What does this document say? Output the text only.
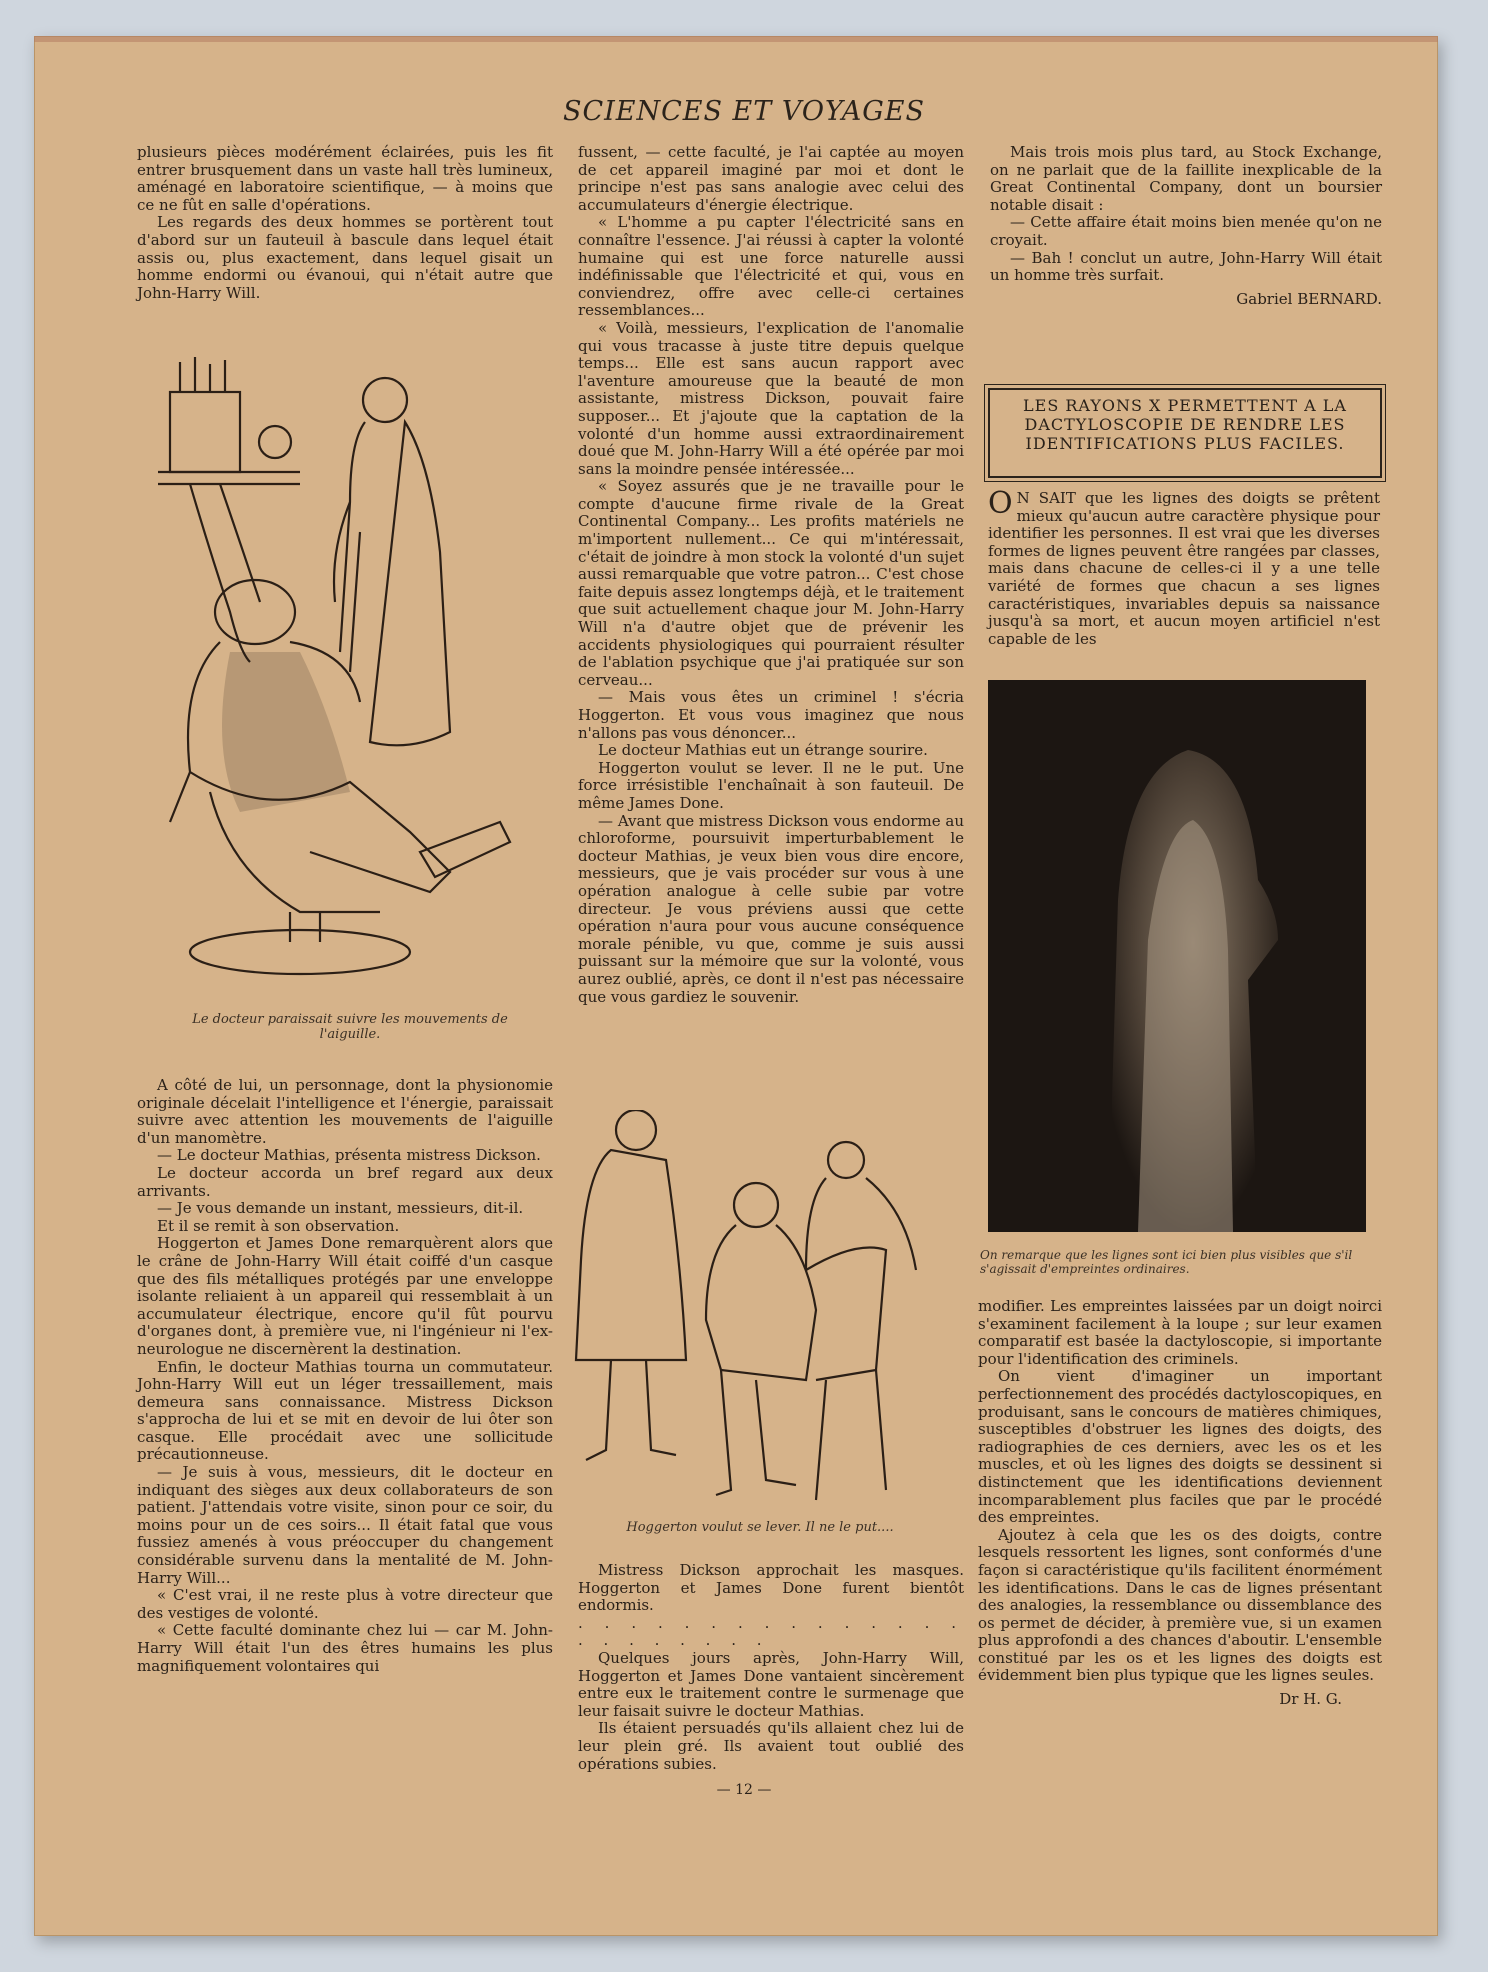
SCIENCES ET VOYAGES

plusieurs pièces modérément éclairées, puis les fit entrer brusquement dans un vaste hall très lumineux, aménagé en laboratoire scientifique, — à moins que ce ne fût en salle d'opérations.

Les regards des deux hommes se portèrent tout d'abord sur un fauteuil à bascule dans lequel était assis ou, plus exactement, dans lequel gisait un homme endormi ou évanoui, qui n'était autre que John-Harry Will.

Le docteur paraissait suivre les mouvements de l'aiguille.

A côté de lui, un personnage, dont la physionomie originale décelait l'intelligence et l'énergie, paraissait suivre avec attention les mouvements de l'aiguille d'un manomètre.

— Le docteur Mathias, présenta mistress Dickson.

Le docteur accorda un bref regard aux deux arrivants.

— Je vous demande un instant, messieurs, dit-il.

Et il se remit à son observation.

Hoggerton et James Done remarquèrent alors que le crâne de John-Harry Will était coiffé d'un casque que des fils métalliques protégés par une enveloppe isolante reliaient à un appareil qui ressemblait à un accumulateur électrique, encore qu'il fût pourvu d'organes dont, à première vue, ni l'ingénieur ni l'ex-neurologue ne discernèrent la destination.

Enfin, le docteur Mathias tourna un commutateur. John-Harry Will eut un léger tressaillement, mais demeura sans connaissance. Mistress Dickson s'approcha de lui et se mit en devoir de lui ôter son casque. Elle procédait avec une sollicitude précautionneuse.

— Je suis à vous, messieurs, dit le docteur en indiquant des sièges aux deux collaborateurs de son patient. J'attendais votre visite, sinon pour ce soir, du moins pour un de ces soirs... Il était fatal que vous fussiez amenés à vous préoccuper du changement considérable survenu dans la mentalité de M. John-Harry Will...

« C'est vrai, il ne reste plus à votre directeur que des vestiges de volonté.

« Cette faculté dominante chez lui — car M. John-Harry Will était l'un des êtres humains les plus magnifiquement volontaires qui

fussent, — cette faculté, je l'ai captée au moyen de cet appareil imaginé par moi et dont le principe n'est pas sans analogie avec celui des accumulateurs d'énergie électrique.

« L'homme a pu capter l'électricité sans en connaître l'essence. J'ai réussi à capter la volonté humaine qui est une force naturelle aussi indéfinissable que l'électricité et qui, vous en conviendrez, offre avec celle-ci certaines ressemblances...

« Voilà, messieurs, l'explication de l'anomalie qui vous tracasse à juste titre depuis quelque temps... Elle est sans aucun rapport avec l'aventure amoureuse que la beauté de mon assistante, mistress Dickson, pouvait faire supposer... Et j'ajoute que la captation de la volonté d'un homme aussi extraordinairement doué que M. John-Harry Will a été opérée par moi sans la moindre pensée intéressée...

« Soyez assurés que je ne travaille pour le compte d'aucune firme rivale de la Great Continental Company... Les profits matériels ne m'importent nullement... Ce qui m'intéressait, c'était de joindre à mon stock la volonté d'un sujet aussi remarquable que votre patron... C'est chose faite depuis assez longtemps déjà, et le traitement que suit actuellement chaque jour M. John-Harry Will n'a d'autre objet que de prévenir les accidents physiologiques qui pourraient résulter de l'ablation psychique que j'ai pratiquée sur son cerveau...

— Mais vous êtes un criminel ! s'écria Hoggerton. Et vous vous imaginez que nous n'allons pas vous dénoncer...

Le docteur Mathias eut un étrange sourire.

Hoggerton voulut se lever. Il ne le put. Une force irrésistible l'enchaînait à son fauteuil. De même James Done.

— Avant que mistress Dickson vous endorme au chloroforme, poursuivit imperturbablement le docteur Mathias, je veux bien vous dire encore, messieurs, que je vais procéder sur vous à une opération analogue à celle subie par votre directeur. Je vous préviens aussi que cette opération n'aura pour vous aucune conséquence morale pénible, vu que, comme je suis aussi puissant sur la mémoire que sur la volonté, vous aurez oublié, après, ce dont il n'est pas nécessaire que vous gardiez le souvenir.

Hoggerton voulut se lever. Il ne le put....

Mistress Dickson approchait les masques. Hoggerton et James Done furent bientôt endormis.

. . . . . . . . . . . . . . . . . . . . . . .

Quelques jours après, John-Harry Will, Hoggerton et James Done vantaient sincèrement entre eux le traitement contre le surmenage que leur faisait suivre le docteur Mathias.

Ils étaient persuadés qu'ils allaient chez lui de leur plein gré. Ils avaient tout oublié des opérations subies.

Mais trois mois plus tard, au Stock Exchange, on ne parlait que de la faillite inexplicable de la Great Continental Company, dont un boursier notable disait :

— Cette affaire était moins bien menée qu'on ne croyait.

— Bah ! conclut un autre, John-Harry Will était un homme très surfait.

Gabriel BERNARD.
LES RAYONS X PERMETTENT A LA DACTYLOSCOPIE DE RENDRE LES IDENTIFICATIONS PLUS FACILES.
O N SAIT que les lignes des doigts se prêtent mieux qu'aucun autre caractère physique pour identifier les personnes. Il est vrai que les diverses formes de lignes peuvent être rangées par classes, mais dans chacune de celles-ci il y a une telle variété de formes que chacun a ses lignes caractéristiques, invariables depuis sa naissance jusqu'à sa mort, et aucun moyen artificiel n'est capable de les
On remarque que les lignes sont ici bien plus visibles que s'il s'agissait d'empreintes ordinaires.

modifier. Les empreintes laissées par un doigt noirci s'examinent facilement à la loupe ; sur leur examen comparatif est basée la dactyloscopie, si importante pour l'identification des criminels.

On vient d'imaginer un important perfectionnement des procédés dactyloscopiques, en produisant, sans le concours de matières chimiques, susceptibles d'obstruer les lignes des doigts, des radiographies de ces derniers, avec les os et les muscles, et où les lignes des doigts se dessinent si distinctement que les identifications deviennent incomparablement plus faciles que par le procédé des empreintes.

Ajoutez à cela que les os des doigts, contre lesquels ressortent les lignes, sont conformés d'une façon si caractéristique qu'ils facilitent énormément les identifications. Dans le cas de lignes présentant des analogies, la ressemblance ou dissemblance des os permet de décider, à première vue, si un examen plus approfondi a des chances d'aboutir. L'ensemble constitué par les os et les lignes des doigts est évidemment bien plus typique que les lignes seules.

Dr H. G.
— 12 —
